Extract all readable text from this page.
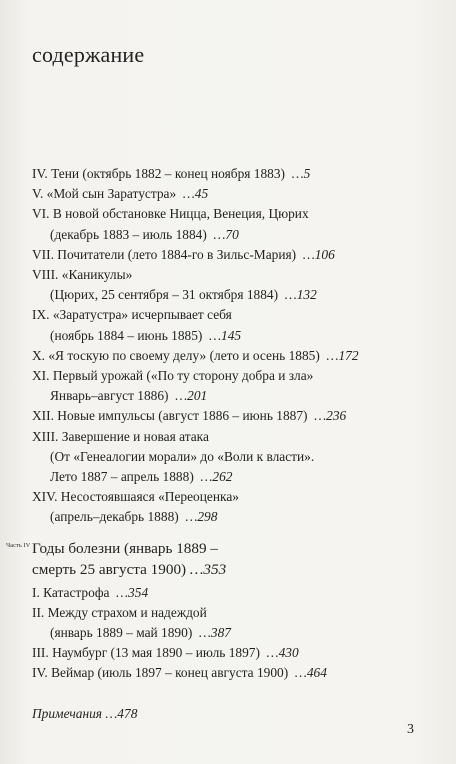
содержание
IV. Тени (октябрь 1882 – конец ноября 1883) …5
V. «Мой сын Заратустра» …45
VI. В новой обстановке Ницца, Венеция, Цюрих
(декабрь 1883 – июль 1884) …70
VII. Почитатели (лето 1884-го в Зильс-Мария) …106
VIII. «Каникулы»
(Цюрих, 25 сентября – 31 октября 1884) …132
IX. «Заратустра» исчерпывает себя
(ноябрь 1884 – июнь 1885) …145
X. «Я тоскую по своему делу» (лето и осень 1885) …172
XI. Первый урожай («По ту сторону добра и зла»
Январь–август 1886) …201
XII. Новые импульсы (август 1886 – июнь 1887) …236
XIII. Завершение и новая атака
(От «Генеалогии морали» до «Воли к власти».
Лето 1887 – апрель 1888) …262
XIV. Несостоявшаяся «Переоценка»
(апрель–декабрь 1888) …298
Часть IV Годы болезни (январь 1889 –
смерть 25 августа 1900) …353
I. Катастрофа …354
II. Между страхом и надеждой
(январь 1889 – май 1890) …387
III. Наумбург (13 мая 1890 – июль 1897) …430
IV. Веймар (июль 1897 – конец августа 1900) …464
Примечания …478
3
